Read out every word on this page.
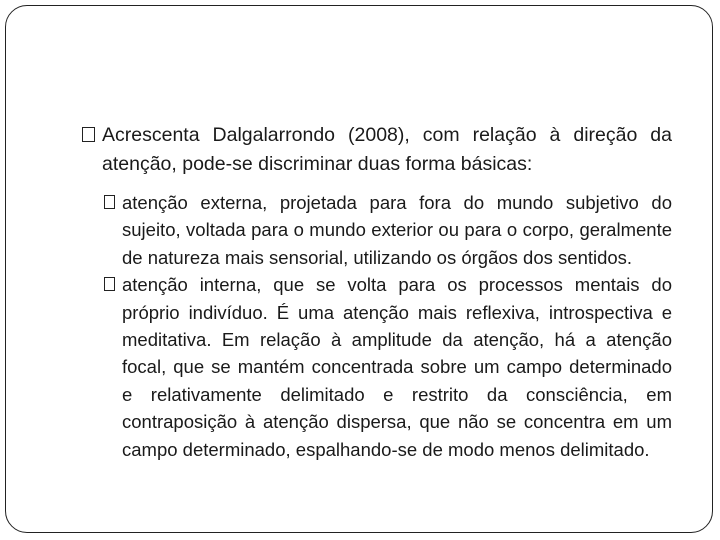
Acrescenta Dalgalarrondo (2008), com relação à direção da atenção, pode-se discriminar duas forma básicas:
atenção externa, projetada para fora do mundo subjetivo do sujeito, voltada para o mundo exterior ou para o corpo, geralmente de natureza mais sensorial, utilizando os órgãos dos sentidos.
atenção interna, que se volta para os processos mentais do próprio indivíduo. É uma atenção mais reflexiva, introspectiva e meditativa. Em relação à amplitude da atenção, há a atenção focal, que se mantém concentrada sobre um campo determinado e relativamente delimitado e restrito da consciência, em contraposição à atenção dispersa, que não se concentra em um campo determinado, espalhando-se de modo menos delimitado.
